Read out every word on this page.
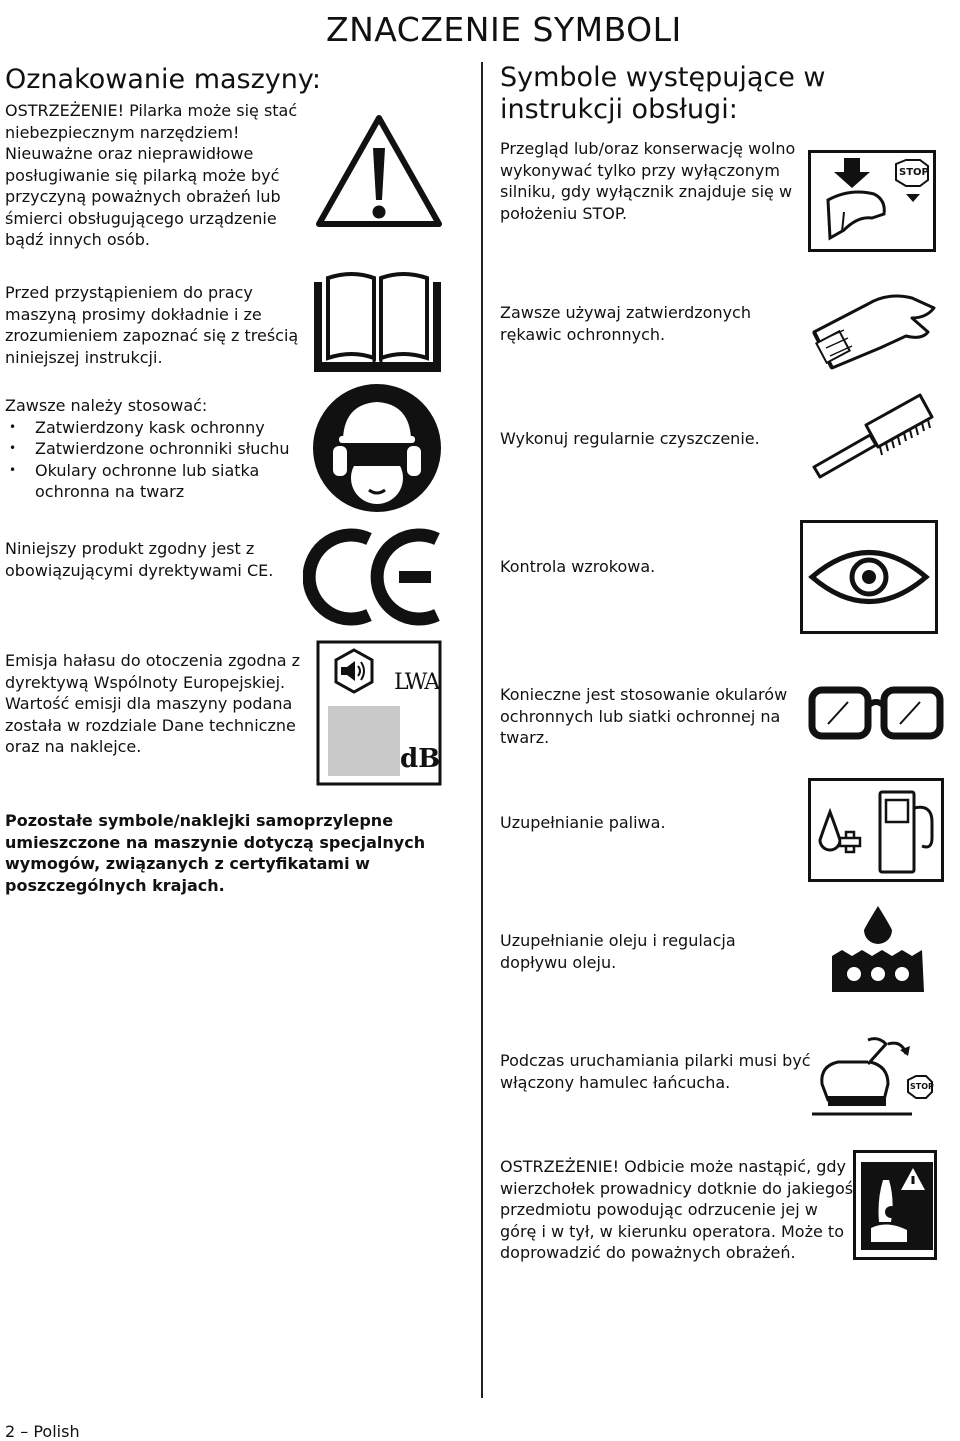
ZNACZENIE SYMBOLI
Oznakowanie maszyny:
OSTRZEŻENIE! Pilarka może się stać
niebezpiecznym narzędziem!
Nieuważne oraz nieprawidłowe
posługiwanie się pilarką może być
przyczyną poważnych obrażeń lub
śmierci obsługującego urządzenie
bądź innych osób.
Przed przystąpieniem do pracy
maszyną prosimy dokładnie i ze
zrozumieniem zapoznać się z treścią
niniejszej instrukcji.
Zawsze należy stosować:
• Zatwierdzony kask ochronny
• Zatwierdzone ochronniki słuchu
• Okulary ochronne lub siatka
ochronna na twarz
Niniejszy produkt zgodny jest z
obowiązującymi dyrektywami CE.
Emisja hałasu do otoczenia zgodna z
dyrektywą Wspólnoty Europejskiej.
Wartość emisji dla maszyny podana
została w rozdziale Dane techniczne
oraz na naklejce.
LWA
dB
Pozostałe symbole/naklejki samoprzylepne
umieszczone na maszynie dotyczą specjalnych
wymogów, związanych z certyfikatami w
poszczególnych krajach.
Symbole występujące w
instrukcji obsługi:
Przegląd lub/oraz konserwację wolno
wykonywać tylko przy wyłączonym
silniku, gdy wyłącznik znajduje się w
położeniu STOP.
STOP
Zawsze używaj zatwierdzonych
rękawic ochronnych.
Wykonuj regularnie czyszczenie.
Kontrola wzrokowa.
Konieczne jest stosowanie okularów
ochronnych lub siatki ochronnej na
twarz.
Uzupełnianie paliwa.
Uzupełnianie oleju i regulacja
dopływu oleju.
Podczas uruchamiania pilarki musi być
włączony hamulec łańcucha.	STOP
OSTRZEŻENIE! Odbicie może nastąpić, gdy
wierzchołek prowadnicy dotknie do jakiegoś
przedmiotu powodując odrzucenie jej w
górę i w tył, w kierunku operatora. Może to
doprowadzić do poważnych obrażeń.
2 – Polish
